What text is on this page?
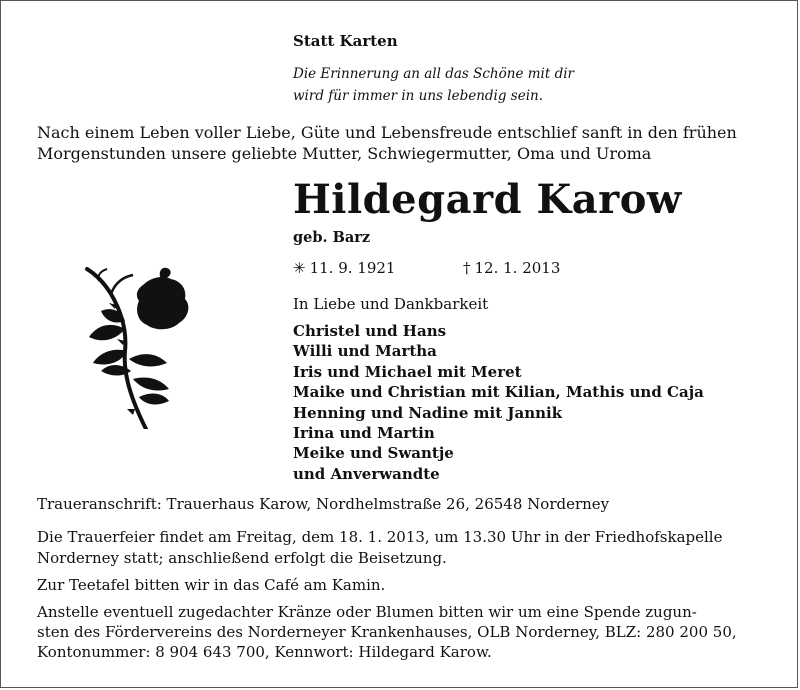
Statt Karten
Die Erinnerung an all das Schöne mit dir
wird für immer in uns lebendig sein.
Nach einem Leben voller Liebe, Güte und Lebensfreude entschlief sanft in den frühen
Morgenstunden unsere geliebte Mutter, Schwiegermutter, Oma und Uroma
Hildegard Karow
geb. Barz
✳ 11. 9. 1921	† 12. 1. 2013
In Liebe und Dankbarkeit
Christel und Hans
Willi und Martha
Iris und Michael mit Meret
Maike und Christian mit Kilian, Mathis und Caja
Henning und Nadine mit Jannik
Irina und Martin
Meike und Swantje
und Anverwandte
Traueranschrift: Trauerhaus Karow, Nordhelmstraße 26, 26548 Norderney
Die Trauerfeier findet am Freitag, dem 18. 1. 2013, um 13.30 Uhr in der Friedhofskapelle
Norderney statt; anschließend erfolgt die Beisetzung.
Zur Teetafel bitten wir in das Café am Kamin.
Anstelle eventuell zugedachter Kränze oder Blumen bitten wir um eine Spende zugun-
sten des Fördervereins des Norderneyer Krankenhauses, OLB Norderney, BLZ: 280 200 50,
Kontonummer: 8 904 643 700, Kennwort: Hildegard Karow.
